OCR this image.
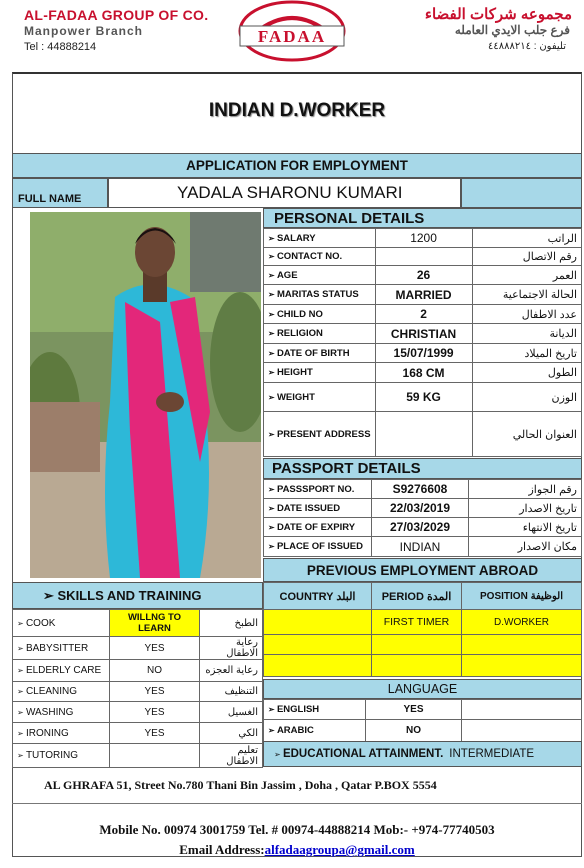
AL-FADAA GROUP OF CO.
Manpower Branch
Tel : 44888214
مجموعه شركات الفضاء
فرع جلب الايدي العامله
تليفون : ٤٤٨٨٨٢١٤
FADAA
INDIAN D.WORKER
APPLICATION FOR EMPLOYMENT
FULL NAME	YADALA SHARONU KUMARI
PERSONAL DETAILS
➢ SALARY	1200	الراتب
➢ CONTACT NO.		رقم الاتصال
➢ AGE	26	العمر
➢ MARITAS STATUS	MARRIED	الحالة الاجتماعية
➢ CHILD NO	2	عدد الاطفال
➢ RELIGION	CHRISTIAN	الديانة
➢ DATE OF BIRTH	15/07/1999	تاريخ الميلاد
➢ HEIGHT	168 CM	الطول
➢ WEIGHT	59 KG	الوزن
➢ PRESENT ADDRESS		العنوان الحالي
PASSPORT DETAILS
➢ PASSSPORT NO.	S9276608	رقم الجواز
➢ DATE ISSUED	22/03/2019	تاريخ الاصدار
➢ DATE OF EXPIRY	27/03/2029	تاريخ الانتهاء
➢ PLACE OF ISSUED	INDIAN	مكان الاصدار
PREVIOUS EMPLOYMENT ABROAD
COUNTRY البلد	PERIOD المدة	POSITION الوظيفة
	FIRST TIMER	D.WORKER

➢ SKILLS AND TRAINING
➢ COOK	WILLNG TO LEARN	الطبخ
➢ BABYSITTER	YES	رعاية الاطفال
➢ ELDERLY CARE	NO	رعاية العجزه
➢ CLEANING	YES	التنظيف
➢ WASHING	YES	الغسيل
➢ IRONING	YES	الكي
➢ TUTORING		تعليم الاطفال
LANGUAGE
➢ ENGLISH	YES	
➢ ARABIC	NO	
➢ EDUCATIONAL ATTAINMENT. INTERMEDIATE
AL GHRAFA 51, Street No.780 Thani Bin Jassim , Doha , Qatar P.BOX 5554
Mobile No. 00974 3001759 Tel. # 00974-44888214 Mob:- +974-77740503
Email Address:alfadaagroupa@gmail.com
